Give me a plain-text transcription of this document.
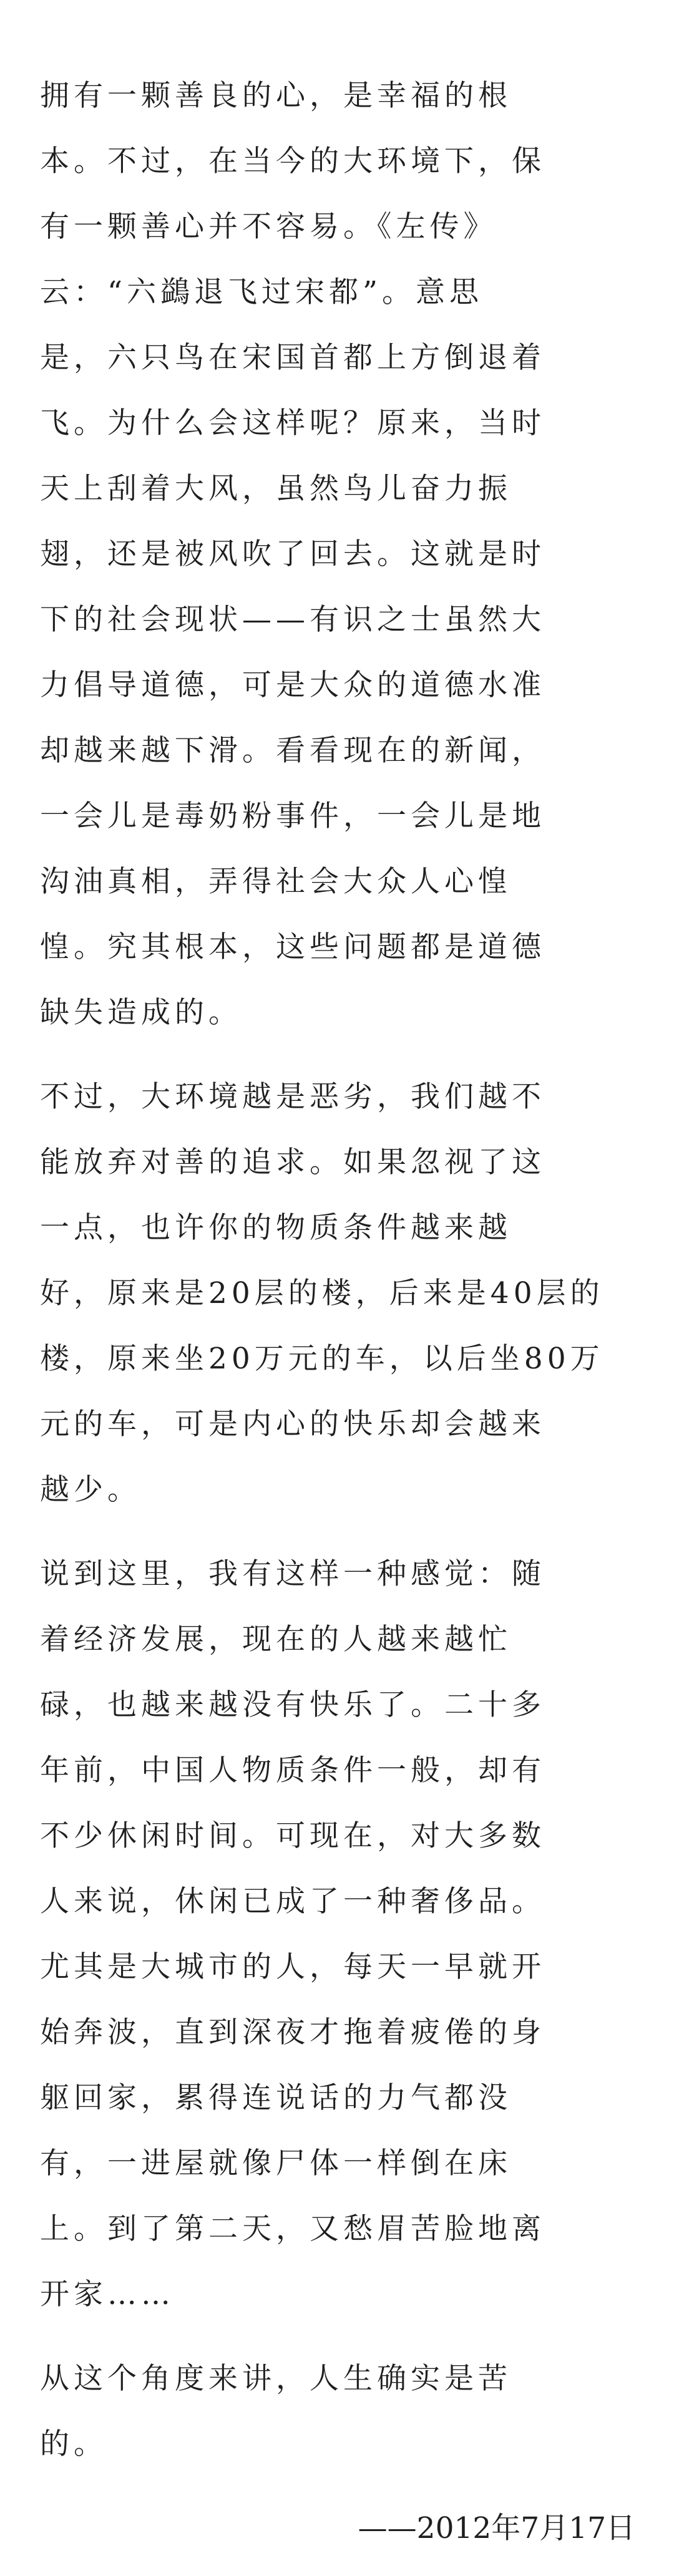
拥有一颗善良的心，是幸福的根
本。不过，在当今的大环境下，保
有一颗善心并不容易。《左传》
云：“六鷁退飞过宋都”。意思
是，六只鸟在宋国首都上方倒退着
飞。为什么会这样呢？原来，当时
天上刮着大风，虽然鸟儿奋力振
翅，还是被风吹了回去。这就是时
下的社会现状——有识之士虽然大
力倡导道德，可是大众的道德水准
却越来越下滑。看看现在的新闻，
一会儿是毒奶粉事件，一会儿是地
沟油真相，弄得社会大众人心惶
惶。究其根本，这些问题都是道德
缺失造成的。
不过，大环境越是恶劣，我们越不
能放弃对善的追求。如果忽视了这
一点，也许你的物质条件越来越
好，原来是20层的楼，后来是40层的
楼，原来坐20万元的车，以后坐80万
元的车，可是内心的快乐却会越来
越少。
说到这里，我有这样一种感觉：随
着经济发展，现在的人越来越忙
碌，也越来越没有快乐了。二十多
年前，中国人物质条件一般，却有
不少休闲时间。可现在，对大多数
人来说，休闲已成了一种奢侈品。
尤其是大城市的人，每天一早就开
始奔波，直到深夜才拖着疲倦的身
躯回家，累得连说话的力气都没
有，一进屋就像尸体一样倒在床
上。到了第二天，又愁眉苦脸地离
开家……
从这个角度来讲，人生确实是苦
的。
——2012年7月17日
